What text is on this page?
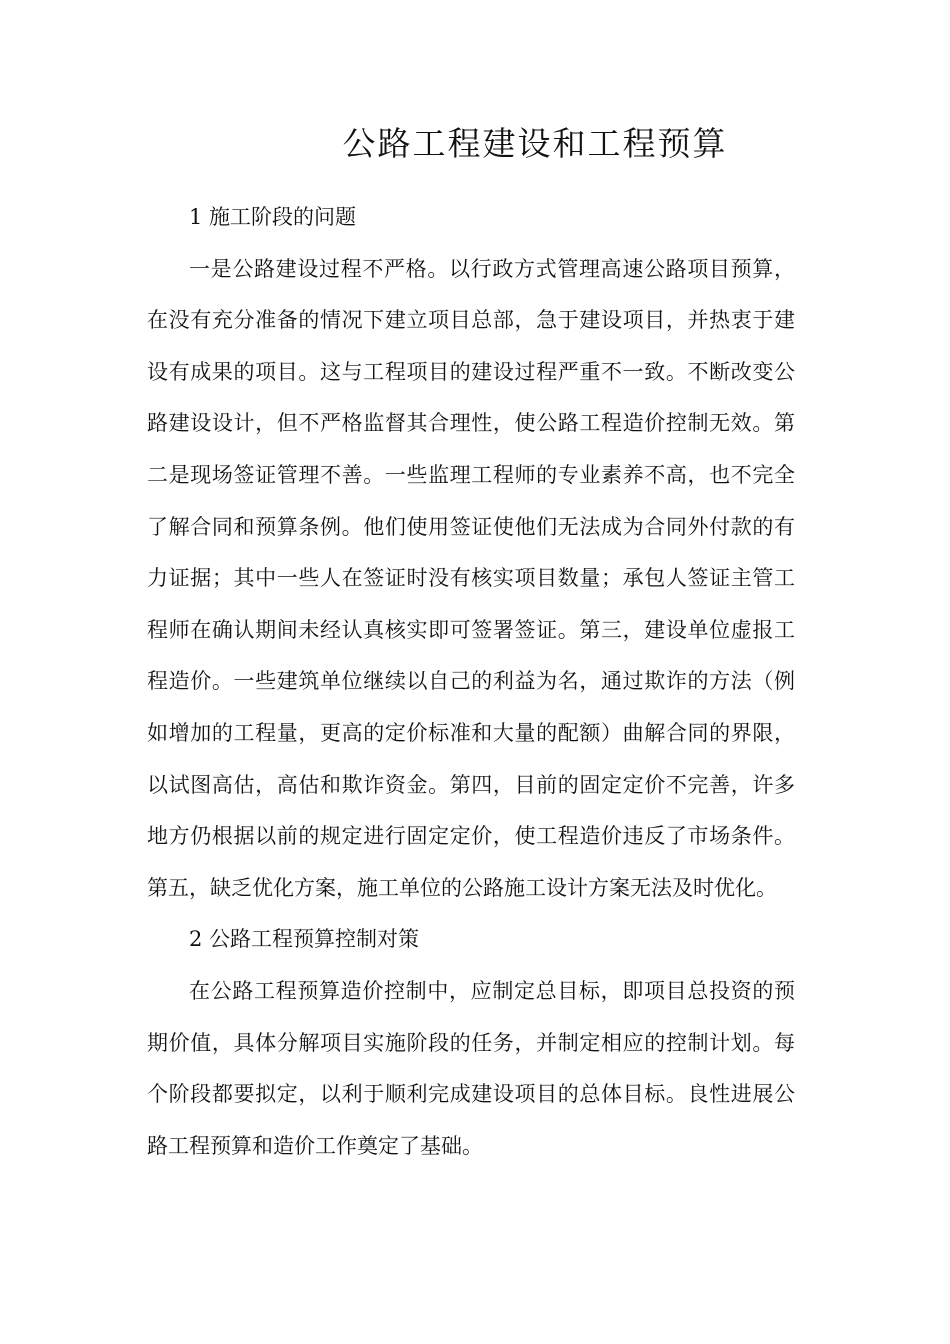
公路工程建设和工程预算

1 施工阶段的问题

一是公路建设过程不严格。以行政方式管理高速公路项目预算，在没有充分准备的情况下建立项目总部，急于建设项目，并热衷于建设有成果的项目。这与工程项目的建设过程严重不一致。不断改变公路建设设计，但不严格监督其合理性，使公路工程造价控制无效。第二是现场签证管理不善。一些监理工程师的专业素养不高，也不完全了解合同和预算条例。他们使用签证使他们无法成为合同外付款的有力证据；其中一些人在签证时没有核实项目数量；承包人签证主管工程师在确认期间未经认真核实即可签署签证。第三，建设单位虚报工程造价。一些建筑单位继续以自己的利益为名，通过欺诈的方法（例如增加的工程量，更高的定价标准和大量的配额）曲解合同的界限，以试图高估，高估和欺诈资金。第四，目前的固定定价不完善，许多地方仍根据以前的规定进行固定定价，使工程造价违反了市场条件。第五，缺乏优化方案，施工单位的公路施工设计方案无法及时优化。

2 公路工程预算控制对策

在公路工程预算造价控制中，应制定总目标，即项目总投资的预期价值，具体分解项目实施阶段的任务，并制定相应的控制计划。每个阶段都要拟定，以利于顺利完成建设项目的总体目标。良性进展公路工程预算和造价工作奠定了基础。
